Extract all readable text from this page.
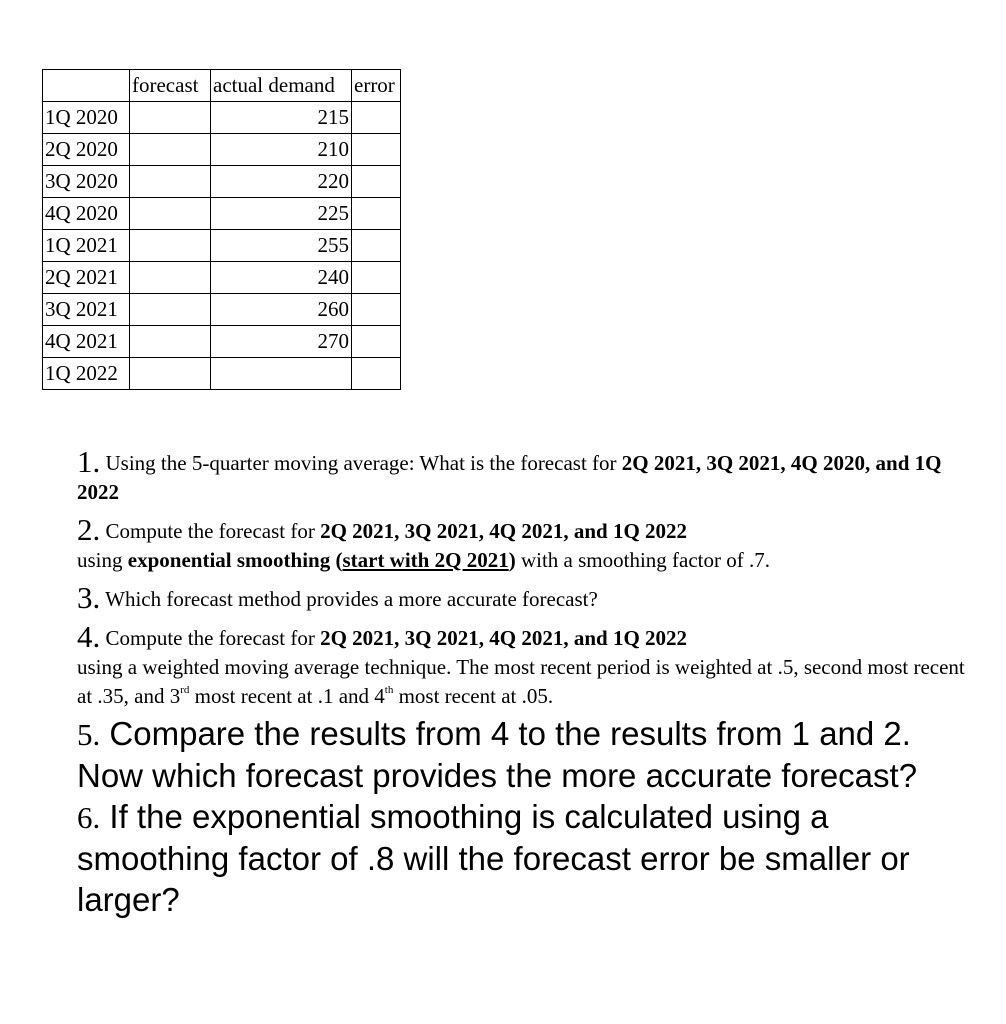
	forecast	actual demand	error
1Q 2020		215	
2Q 2020		210	
3Q 2020		220	
4Q 2020		225	
1Q 2021		255	
2Q 2021		240	
3Q 2021		260	
4Q 2021		270	
1Q 2022			

1. Using the 5-quarter moving average: What is the forecast for 2Q 2021, 3Q 2021, 4Q 2020, and 1Q 2022

2. Compute the forecast for 2Q 2021, 3Q 2021, 4Q 2021, and 1Q 2022
using exponential smoothing (start with 2Q 2021) with a smoothing factor of .7.

3. Which forecast method provides a more accurate forecast?

4. Compute the forecast for 2Q 2021, 3Q 2021, 4Q 2021, and 1Q 2022
using a weighted moving average technique. The most recent period is weighted at .5, second most recent at .35, and 3rd most recent at .1 and 4th most recent at .05.

5. Compare the results from 4 to the results from 1 and 2. Now which forecast provides the more accurate forecast?

6. If the exponential smoothing is calculated using a smoothing factor of .8 will the forecast error be smaller or larger?
